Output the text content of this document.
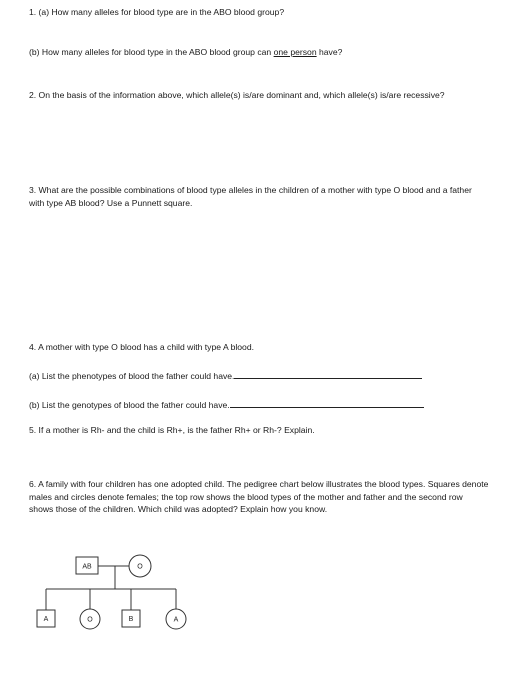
1. (a) How many alleles for blood type are in the ABO blood group?
(b) How many alleles for blood type in the ABO blood group can one person have?
2. On the basis of the information above, which allele(s) is/are dominant and, which allele(s) is/are recessive?
3. What are the possible combinations of blood type alleles in the children of a mother with type O blood and a father with type AB blood? Use a Punnett square.
4. A mother with type O blood has a child with type A blood.
(a) List the phenotypes of blood the father could have.
(b) List the genotypes of blood the father could have.
5. If a mother is Rh- and the child is Rh+, is the father Rh+ or Rh-? Explain.
6. A family with four children has one adopted child. The pedigree chart below illustrates the blood types. Squares denote males and circles denote females; the top row shows the blood types of the mother and father and the second row shows those of the children. Which child was adopted? Explain how you know.
AB	O
A	O	B	A
